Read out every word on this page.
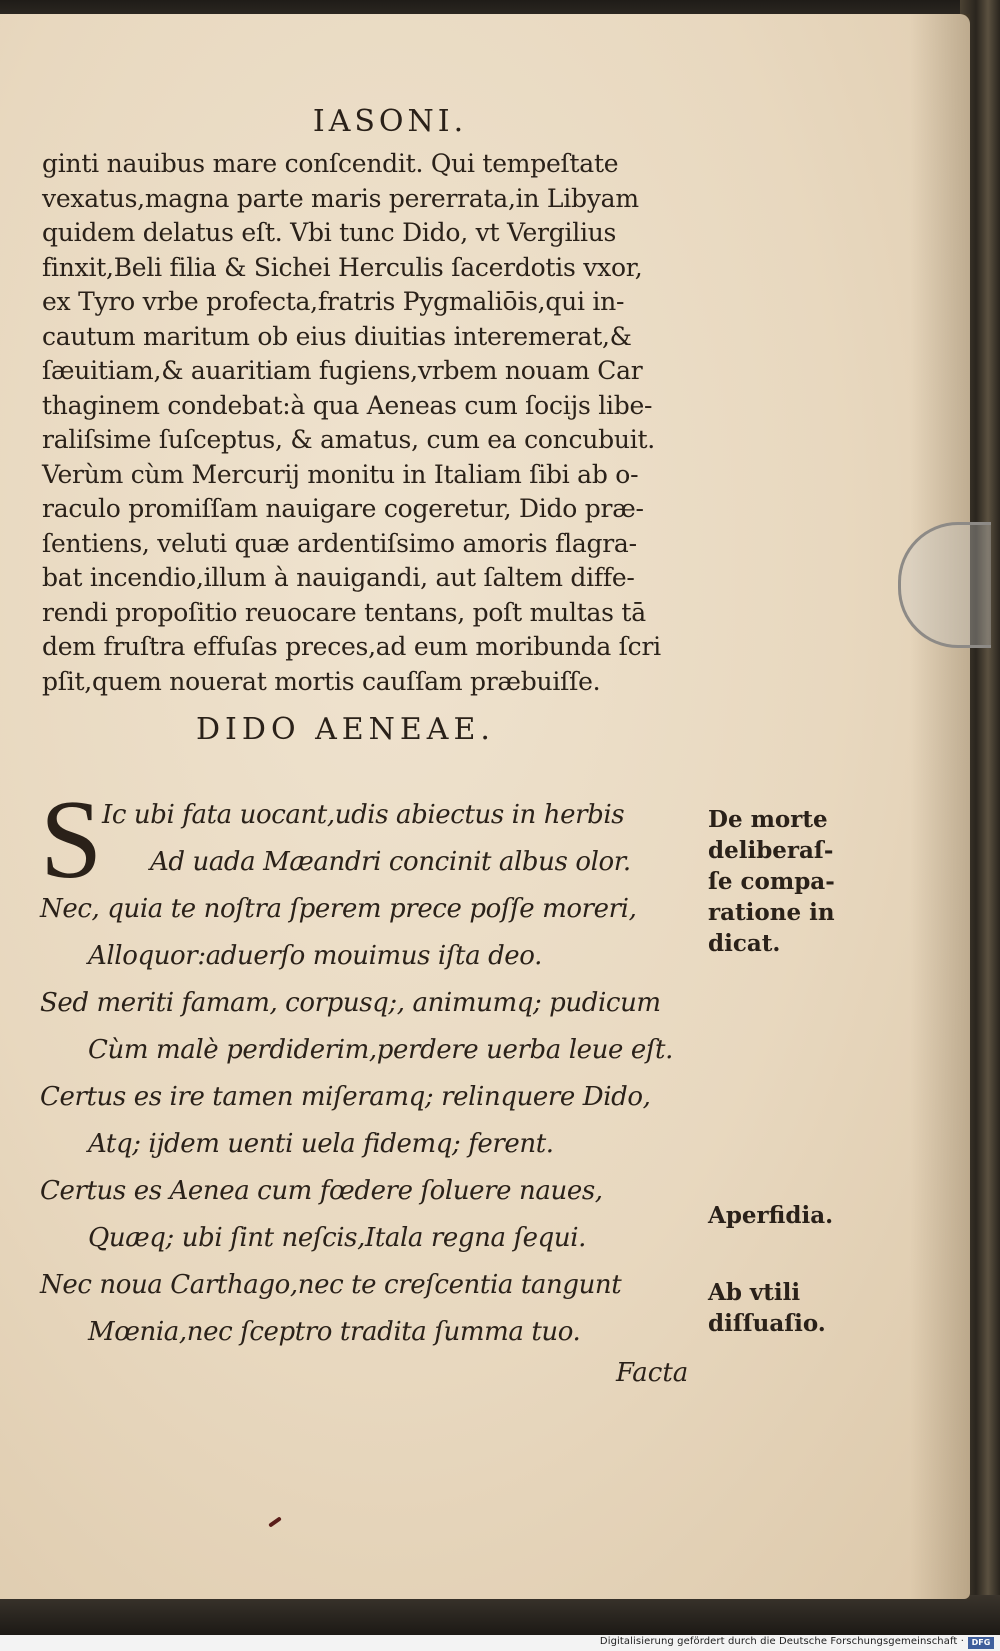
IASONI.
ginti nauibus mare conſcendit. Qui tempeſtate
vexatus,magna parte maris pererrata,in Libyam
quidem delatus eſt. Vbi tunc Dido, vt Vergilius
finxit,Beli filia & Sichei Herculis ſacerdotis vxor,
ex Tyro vrbe profecta,fratris Pygmaliōis,qui in-
cautum maritum ob eius diuitias interemerat,&
ſæuitiam,& auaritiam fugiens,vrbem nouam Car
thaginem condebat:à qua Aeneas cum ſocijs libe-
raliſsime ſuſceptus, & amatus, cum ea concubuit.
Verùm cùm Mercurij monitu in Italiam ſibi ab o-
raculo promiſſam nauigare cogeretur, Dido præ-
ſentiens, veluti quæ ardentiſsimo amoris flagra-
bat incendio,illum à nauigandi, aut ſaltem diffe-
rendi propoſitio reuocare tentans, poſt multas tā
dem fruſtra effuſas preces,ad eum moribunda ſcri
pſit,quem nouerat mortis cauſſam præbuiſſe.
DIDO AENEAE.
S Ic ubi fata uocant,udis abiectus in herbis
Ad uada Mæandri concinit albus olor.
Nec, quia te noſtra ſperem prece poſſe moreri,
Alloquor:aduerſo mouimus iſta deo.
Sed meriti famam, corpusq;, animumq; pudicum
Cùm malè perdiderim,perdere uerba leue eſt.
Certus es ire tamen miſeramq; relinquere Dido,
Atq; ijdem uenti uela fidemq; ferent.
Certus es Aenea cum fœdere ſoluere naues,
Quæq; ubi ſint neſcis,Itala regna ſequi.
Nec noua Carthago,nec te creſcentia tangunt
Mœnia,nec ſceptro tradita ſumma tuo.
De morte
deliberaſ-
ſe compa-
ratione in
dicat.
Aperfidia.
Ab vtili
diſſuaſio.
Facta
Digitalisierung gefördert durch die Deutsche Forschungsgemeinschaft · DFG
